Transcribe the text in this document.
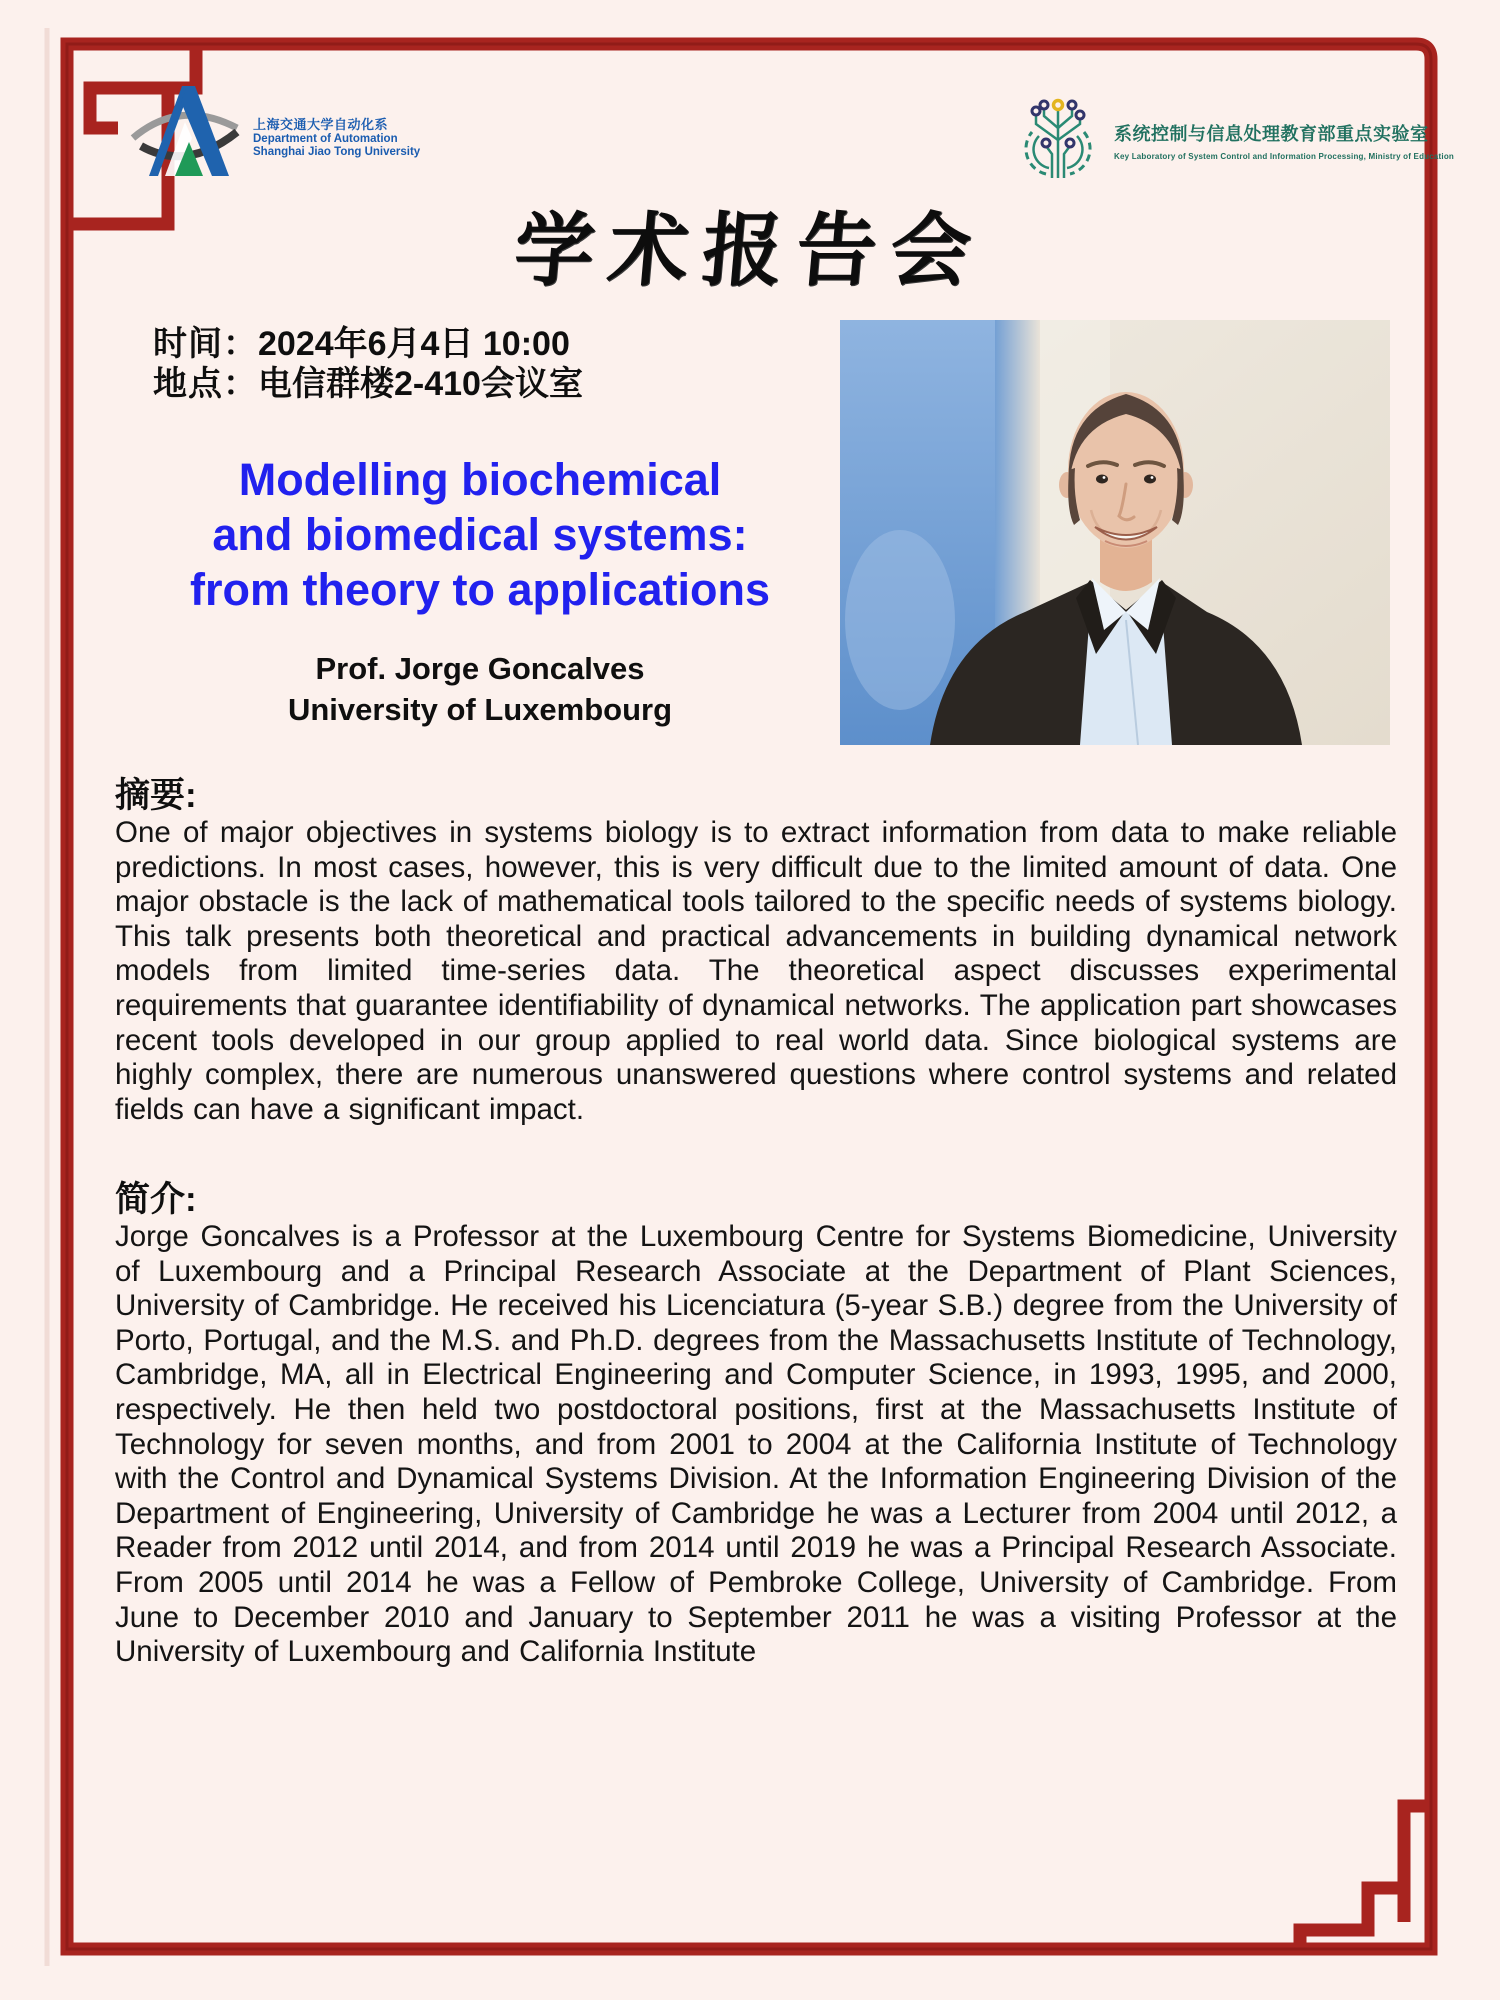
上海交通大学自动化系
Department of Automation
Shanghai Jiao Tong University
系统控制与信息处理教育部重点实验室
Key Laboratory of System Control and Information Processing, Ministry of Education
学术报告会
时间：2024年6月4日 10:00
地点：电信群楼2-410会议室
Modelling biochemical
and biomedical systems:
from theory to applications
Prof. Jorge Goncalves
University of Luxembourg
摘要:
One of major objectives in systems biology is to extract information from data to make reliable predictions. In most cases, however, this is very difficult due to the limited amount of data. One major obstacle is the lack of mathematical tools tailored to the specific needs of systems biology. This talk presents both theoretical and practical advancements in building dynamical network models from limited time-series data. The theoretical aspect discusses experimental requirements that guarantee identifiability of dynamical networks. The application part showcases recent tools developed in our group applied to real world data. Since biological systems are highly complex, there are numerous unanswered questions where control systems and related fields can have a significant impact.
简介:
Jorge Goncalves is a Professor at the Luxembourg Centre for Systems Biomedicine, University of Luxembourg and a Principal Research Associate at the Department of Plant Sciences, University of Cambridge. He received his Licenciatura (5-year S.B.) degree from the University of Porto, Portugal, and the M.S. and Ph.D. degrees from the Massachusetts Institute of Technology, Cambridge, MA, all in Electrical Engineering and Computer Science, in 1993, 1995, and 2000, respectively. He then held two postdoctoral positions, first at the Massachusetts Institute of Technology for seven months, and from 2001 to 2004 at the California Institute of Technology with the Control and Dynamical Systems Division. At the Information Engineering Division of the Department of Engineering, University of Cambridge he was a Lecturer from 2004 until 2012, a Reader from 2012 until 2014, and from 2014 until 2019 he was a Principal Research Associate. From 2005 until 2014 he was a Fellow of Pembroke College, University of Cambridge. From June to December 2010 and January to September 2011 he was a visiting Professor at the University of Luxembourg and California Institute
